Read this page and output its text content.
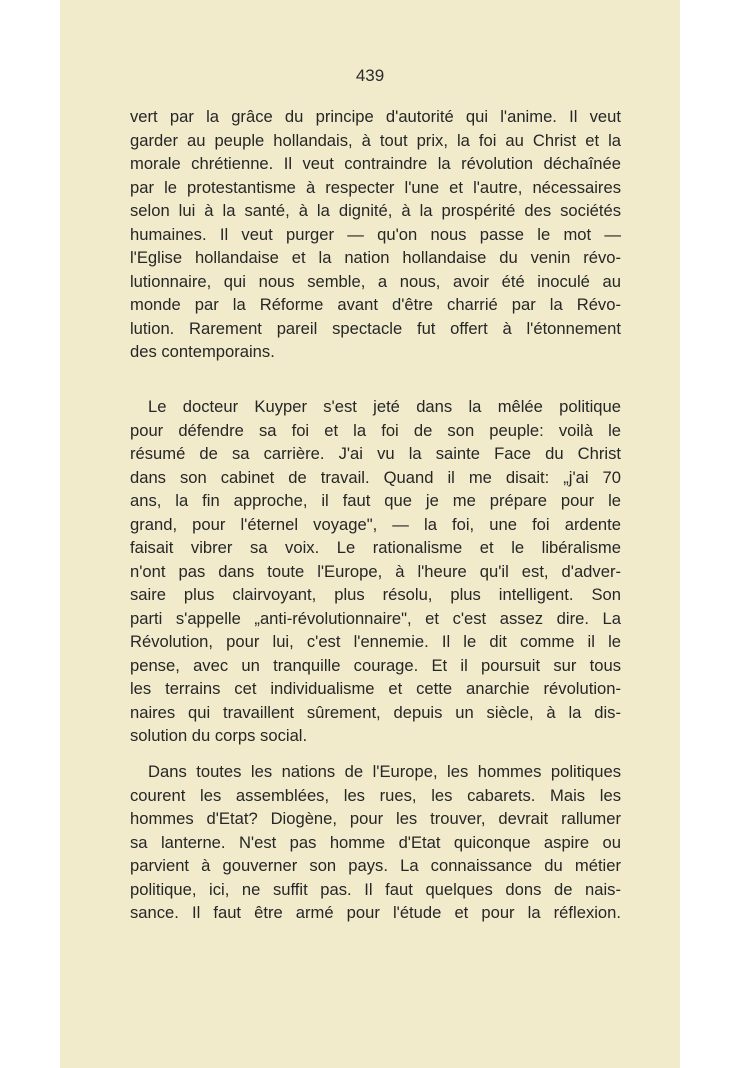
439
vert par la grâce du principe d'autorité qui l'anime. Il veut
garder au peuple hollandais, à tout prix, la foi au Christ et la
morale chrétienne. Il veut contraindre la révolution déchaînée
par le protestantisme à respecter l'une et l'autre, nécessaires
selon lui à la santé, à la dignité, à la prospérité des sociétés
humaines. Il veut purger — qu'on nous passe le mot —
l'Eglise hollandaise et la nation hollandaise du venin révo-
lutionnaire, qui nous semble, a nous, avoir été inoculé au
monde par la Réforme avant d'être charrié par la Révo-
lution. Rarement pareil spectacle fut offert à l'étonnement
des contemporains.
Le docteur Kuyper s'est jeté dans la mêlée politique
pour défendre sa foi et la foi de son peuple: voilà le
résumé de sa carrière. J'ai vu la sainte Face du Christ
dans son cabinet de travail. Quand il me disait: „j'ai 70
ans, la fin approche, il faut que je me prépare pour le
grand, pour l'éternel voyage", — la foi, une foi ardente
faisait vibrer sa voix. Le rationalisme et le libéralisme
n'ont pas dans toute l'Europe, à l'heure qu'il est, d'adver-
saire plus clairvoyant, plus résolu, plus intelligent. Son
parti s'appelle „anti-révolutionnaire", et c'est assez dire. La
Révolution, pour lui, c'est l'ennemie. Il le dit comme il le
pense, avec un tranquille courage. Et il poursuit sur tous
les terrains cet individualisme et cette anarchie révolution-
naires qui travaillent sûrement, depuis un siècle, à la dis-
solution du corps social.
Dans toutes les nations de l'Europe, les hommes politiques
courent les assemblées, les rues, les cabarets. Mais les
hommes d'Etat? Diogène, pour les trouver, devrait rallumer
sa lanterne. N'est pas homme d'Etat quiconque aspire ou
parvient à gouverner son pays. La connaissance du métier
politique, ici, ne suffit pas. Il faut quelques dons de nais-
sance. Il faut être armé pour l'étude et pour la réflexion.
